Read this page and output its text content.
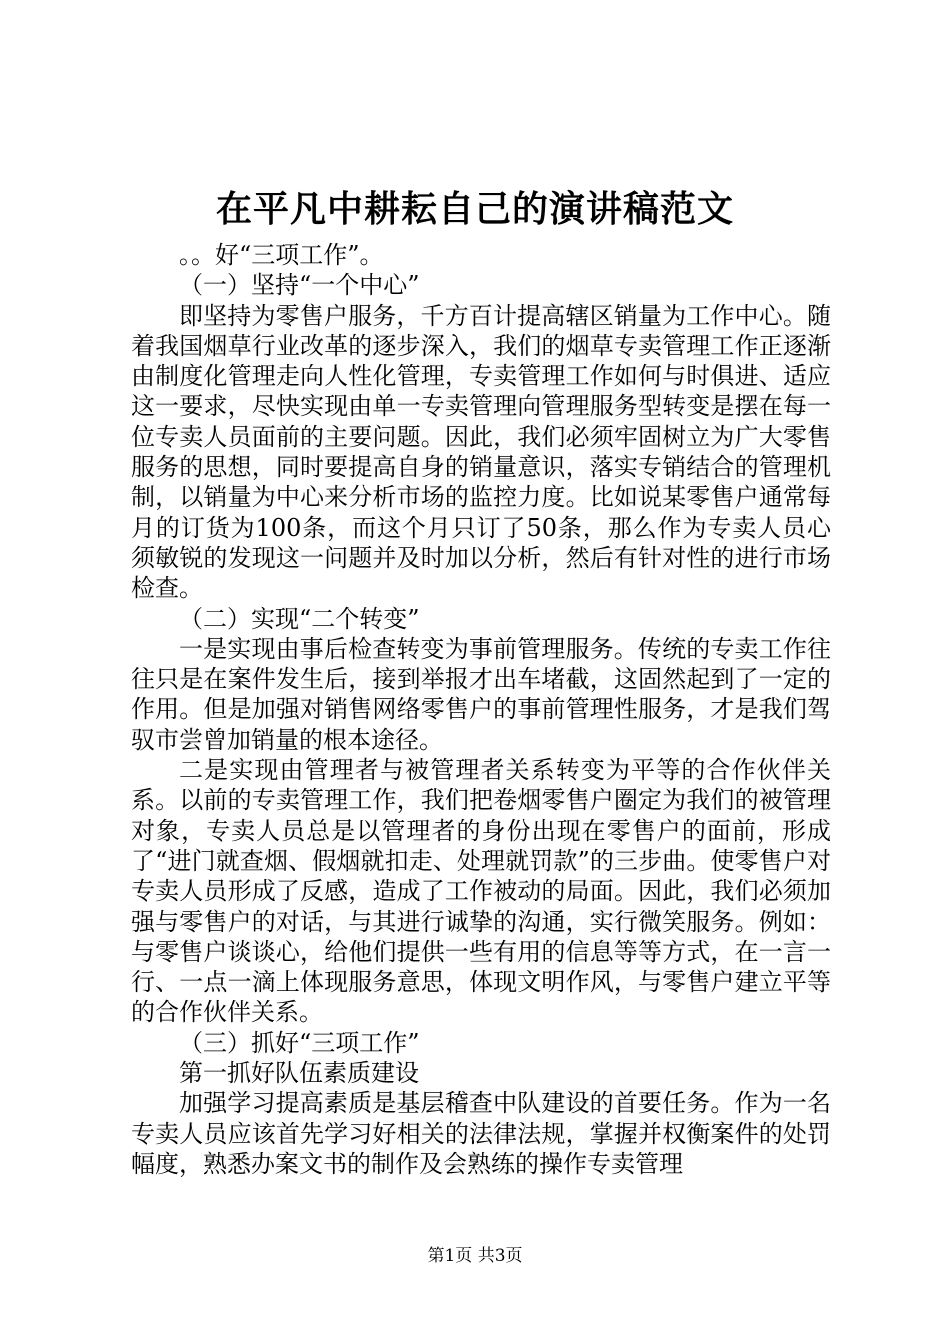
在平凡中耕耘自己的演讲稿范文

。。好“三项工作”。

（一）坚持“一个中心”

即坚持为零售户服务，千方百计提高辖区销量为工作中心。随着我国烟草行业改革的逐步深入，我们的烟草专卖管理工作正逐渐由制度化管理走向人性化管理，专卖管理工作如何与时俱进、适应这一要求，尽快实现由单一专卖管理向管理服务型转变是摆在每一位专卖人员面前的主要问题。因此，我们必须牢固树立为广大零售服务的思想，同时要提高自身的销量意识，落实专销结合的管理机制，以销量为中心来分析市场的监控力度。比如说某零售户通常每月的订货为100条，而这个月只订了50条，那么作为专卖人员心须敏锐的发现这一问题并及时加以分析，然后有针对性的进行市场检查。

（二）实现“二个转变”

一是实现由事后检查转变为事前管理服务。传统的专卖工作往往只是在案件发生后，接到举报才出车堵截，这固然起到了一定的作用。但是加强对销售网络零售户的事前管理性服务，才是我们驾驭市尝曾加销量的根本途径。

二是实现由管理者与被管理者关系转变为平等的合作伙伴关系。以前的专卖管理工作，我们把卷烟零售户圈定为我们的被管理对象，专卖人员总是以管理者的身份出现在零售户的面前，形成了“进门就查烟、假烟就扣走、处理就罚款”的三步曲。使零售户对专卖人员形成了反感，造成了工作被动的局面。因此，我们必须加强与零售户的对话，与其进行诚挚的沟通，实行微笑服务。例如：与零售户谈谈心，给他们提供一些有用的信息等等方式，在一言一行、一点一滴上体现服务意思，体现文明作风，与零售户建立平等的合作伙伴关系。

（三）抓好“三项工作”

第一抓好队伍素质建设

加强学习提高素质是基层稽查中队建设的首要任务。作为一名专卖人员应该首先学习好相关的法律法规，掌握并权衡案件的处罚幅度，熟悉办案文书的制作及会熟练的操作专卖管理

第1页 共3页
